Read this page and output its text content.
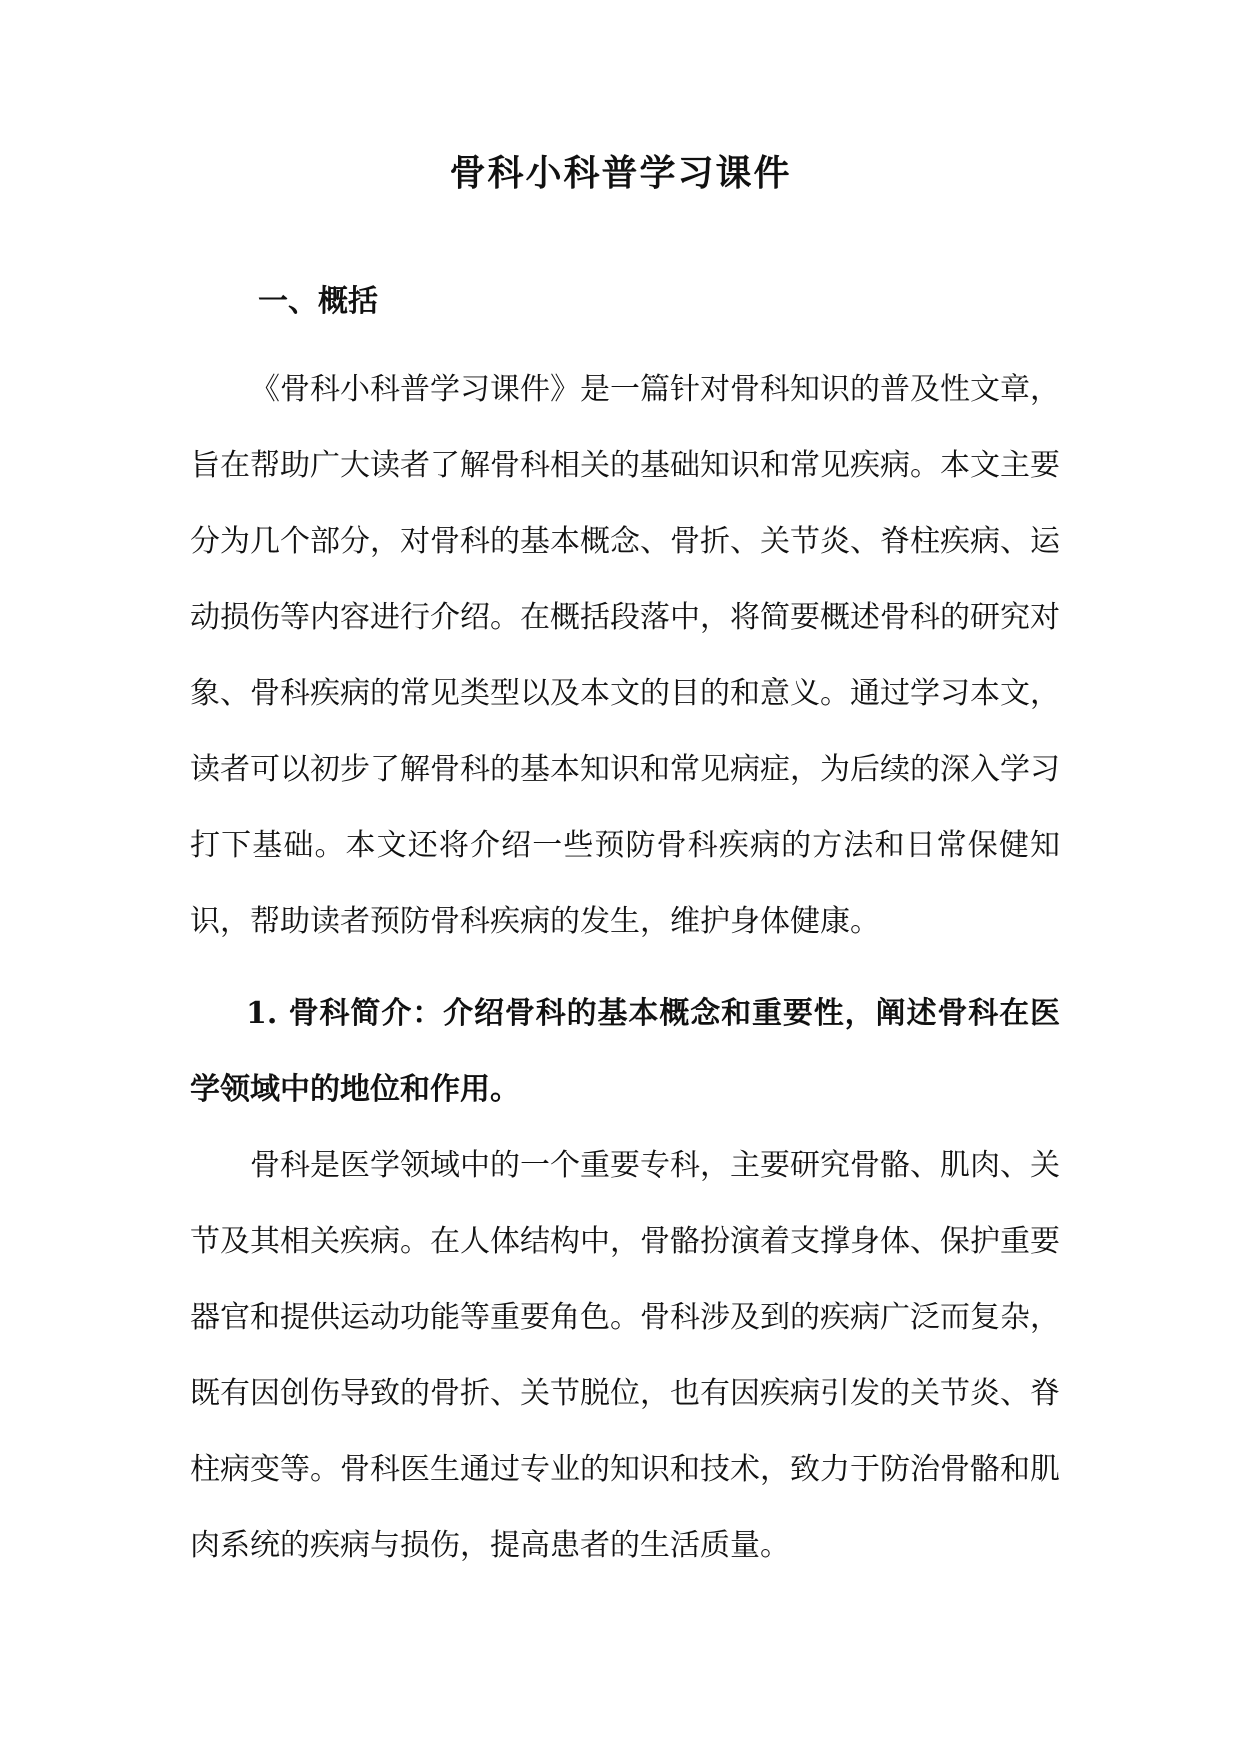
骨科小科普学习课件
一、概括

《骨科小科普学习课件》是一篇针对骨科知识的普及性文章，旨在帮助广大读者了解骨科相关的基础知识和常见疾病。本文主要分为几个部分，对骨科的基本概念、骨折、关节炎、脊柱疾病、运动损伤等内容进行介绍。在概括段落中，将简要概述骨科的研究对象、骨科疾病的常见类型以及本文的目的和意义。通过学习本文，读者可以初步了解骨科的基本知识和常见病症，为后续的深入学习打下基础。本文还将介绍一些预防骨科疾病的方法和日常保健知识，帮助读者预防骨科疾病的发生，维护身体健康。

1. 骨科简介：介绍骨科的基本概念和重要性，阐述骨科在医学领域中的地位和作用。

骨科是医学领域中的一个重要专科，主要研究骨骼、肌肉、关节及其相关疾病。在人体结构中，骨骼扮演着支撑身体、保护重要器官和提供运动功能等重要角色。骨科涉及到的疾病广泛而复杂，既有因创伤导致的骨折、关节脱位，也有因疾病引发的关节炎、脊柱病变等。骨科医生通过专业的知识和技术，致力于防治骨骼和肌肉系统的疾病与损伤，提高患者的生活质量。
